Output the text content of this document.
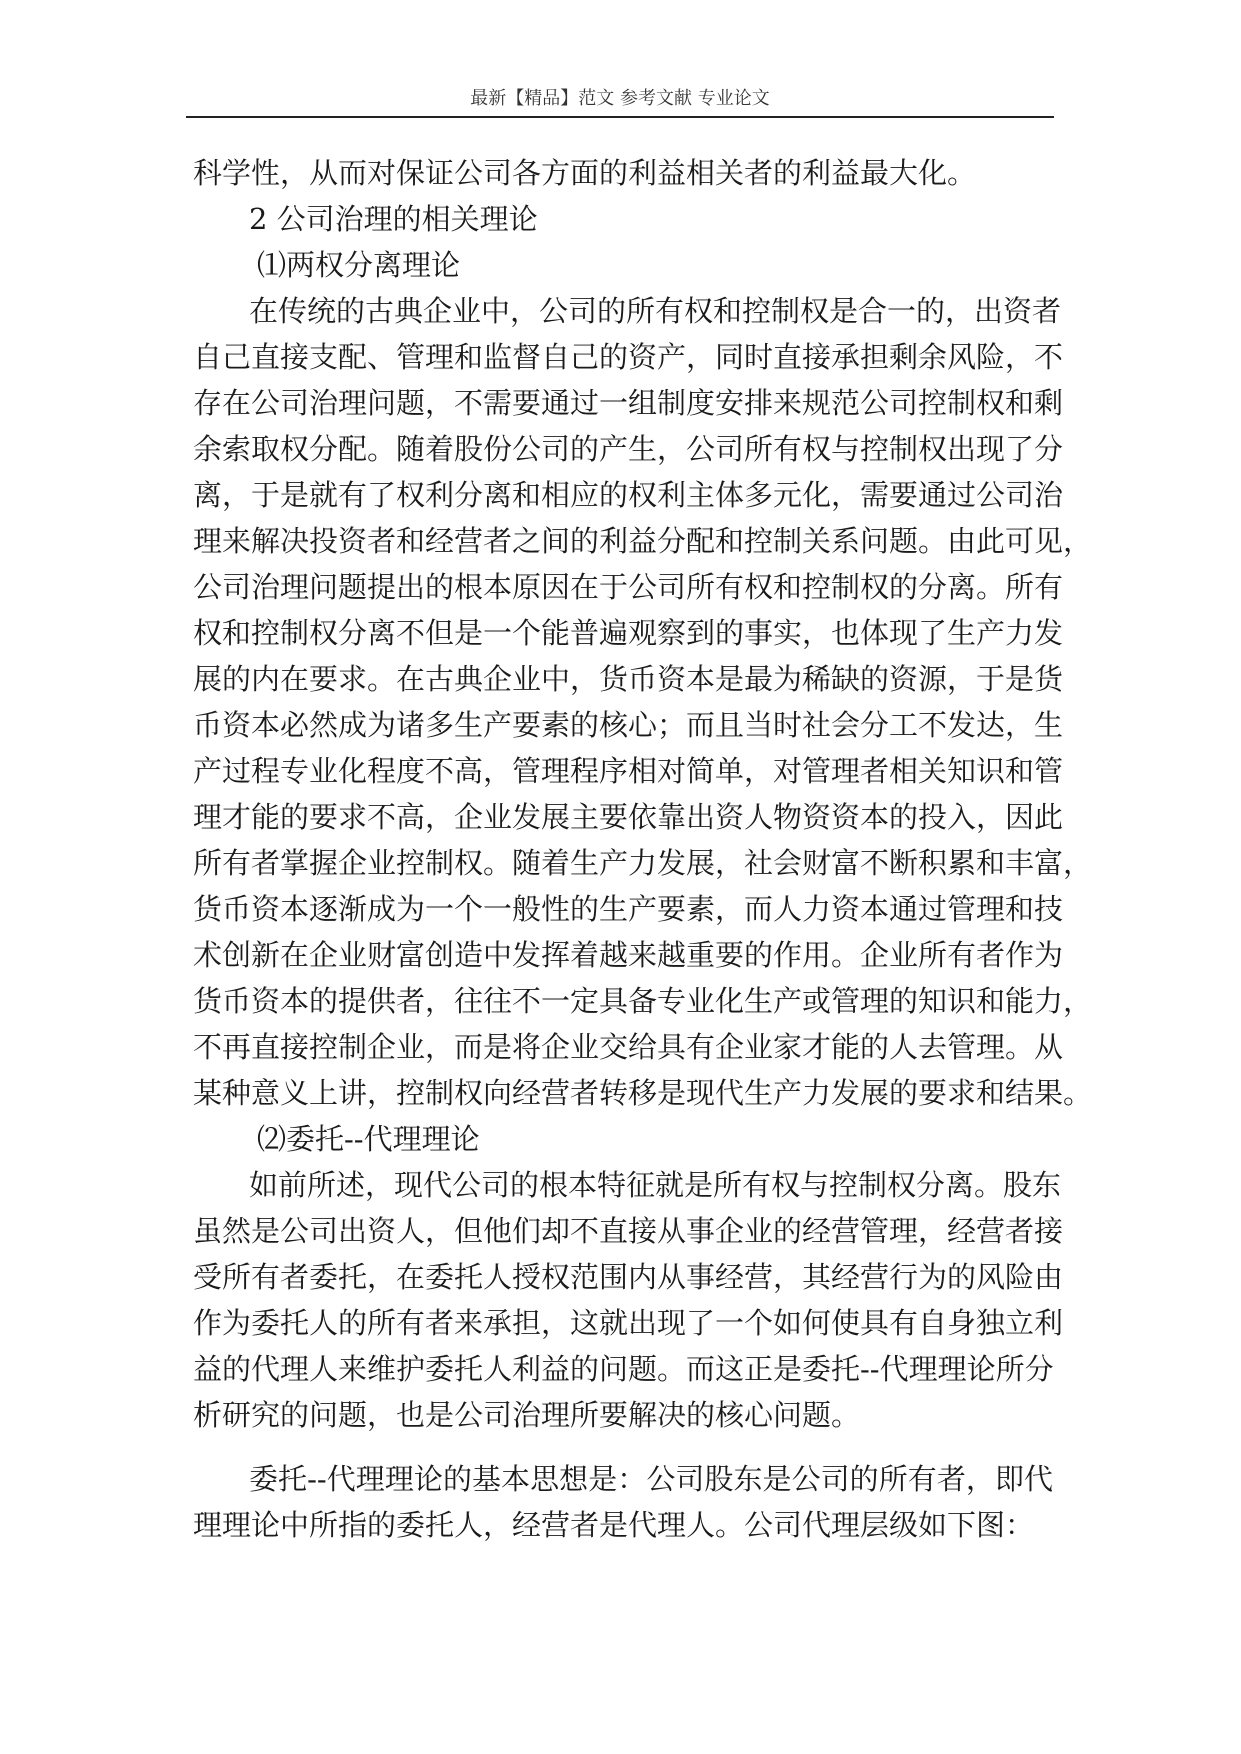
最新【精品】范文 参考文献 专业论文
科学性，从而对保证公司各方面的利益相关者的利益最大化。
2 公司治理的相关理论
⑴两权分离理论
在传统的古典企业中，公司的所有权和控制权是合一的，出资者
自己直接支配、管理和监督自己的资产，同时直接承担剩余风险，不
存在公司治理问题，不需要通过一组制度安排来规范公司控制权和剩
余索取权分配。随着股份公司的产生，公司所有权与控制权出现了分
离，于是就有了权利分离和相应的权利主体多元化，需要通过公司治
理来解决投资者和经营者之间的利益分配和控制关系问题。由此可见，
公司治理问题提出的根本原因在于公司所有权和控制权的分离。所有
权和控制权分离不但是一个能普遍观察到的事实，也体现了生产力发
展的内在要求。在古典企业中，货币资本是最为稀缺的资源，于是货
币资本必然成为诸多生产要素的核心；而且当时社会分工不发达，生
产过程专业化程度不高，管理程序相对简单，对管理者相关知识和管
理才能的要求不高，企业发展主要依靠出资人物资资本的投入，因此
所有者掌握企业控制权。随着生产力发展，社会财富不断积累和丰富，
货币资本逐渐成为一个一般性的生产要素，而人力资本通过管理和技
术创新在企业财富创造中发挥着越来越重要的作用。企业所有者作为
货币资本的提供者，往往不一定具备专业化生产或管理的知识和能力，
不再直接控制企业，而是将企业交给具有企业家才能的人去管理。从
某种意义上讲，控制权向经营者转移是现代生产力发展的要求和结果。
⑵委托--代理理论
如前所述，现代公司的根本特征就是所有权与控制权分离。股东
虽然是公司出资人，但他们却不直接从事企业的经营管理，经营者接
受所有者委托，在委托人授权范围内从事经营，其经营行为的风险由
作为委托人的所有者来承担，这就出现了一个如何使具有自身独立利
益的代理人来维护委托人利益的问题。而这正是委托--代理理论所分
析研究的问题，也是公司治理所要解决的核心问题。
委托--代理理论的基本思想是：公司股东是公司的所有者，即代
理理论中所指的委托人，经营者是代理人。公司代理层级如下图：
